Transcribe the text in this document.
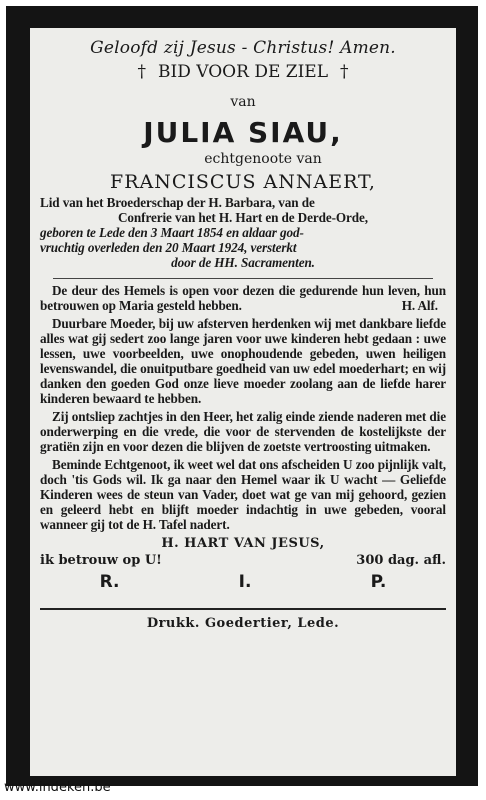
Geloofd zij Jesus - Christus! Amen.
† BID VOOR DE ZIEL †
van
JULIA SIAU,
echtgenoote van
FRANCISCUS ANNAERT,
Lid van het Broederschap der H. Barbara, van de
Confrerie van het H. Hart en de Derde-Orde,
geboren te Lede den 3 Maart 1854 en aldaar god-
vruchtig overleden den 20 Maart 1924, versterkt
door de HH. Sacramenten.
De deur des Hemels is open voor dezen die gedurende hun leven, hun betrouwen op Maria gesteld hebben.	H. Alf.
Duurbare Moeder, bij uw afsterven herdenken wij met dankbare liefde alles wat gij sedert zoo lange jaren voor uwe kinderen hebt gedaan : uwe lessen, uwe voorbeelden, uwe onophoudende gebeden, uwen heiligen levenswandel, die onuitputbare goedheid van uw edel moederhart; en wij danken den goeden God onze lieve moeder zoolang aan de liefde harer kinderen bewaard te hebben.
Zij ontsliep zachtjes in den Heer, het zalig einde ziende naderen met die onderwerping en die vrede, die voor de stervenden de kostelijkste der gratiën zijn en voor dezen die blijven de zoetste vertroosting uitmaken.
Beminde Echtgenoot, ik weet wel dat ons afscheiden U zoo pijnlijk valt, doch 'tis Gods wil. Ik ga naar den Hemel waar ik U wacht — Geliefde Kinderen wees de steun van Vader, doet wat ge van mij gehoord, gezien en geleerd hebt en blijft moeder indachtig in uwe gebeden, vooral wanneer gij tot de H. Tafel nadert.
H. HART VAN JESUS,
ik betrouw op U!	300 dag. afl.
R.	I.	P.
Drukk. Goedertier, Lede.
www.indeken.be
